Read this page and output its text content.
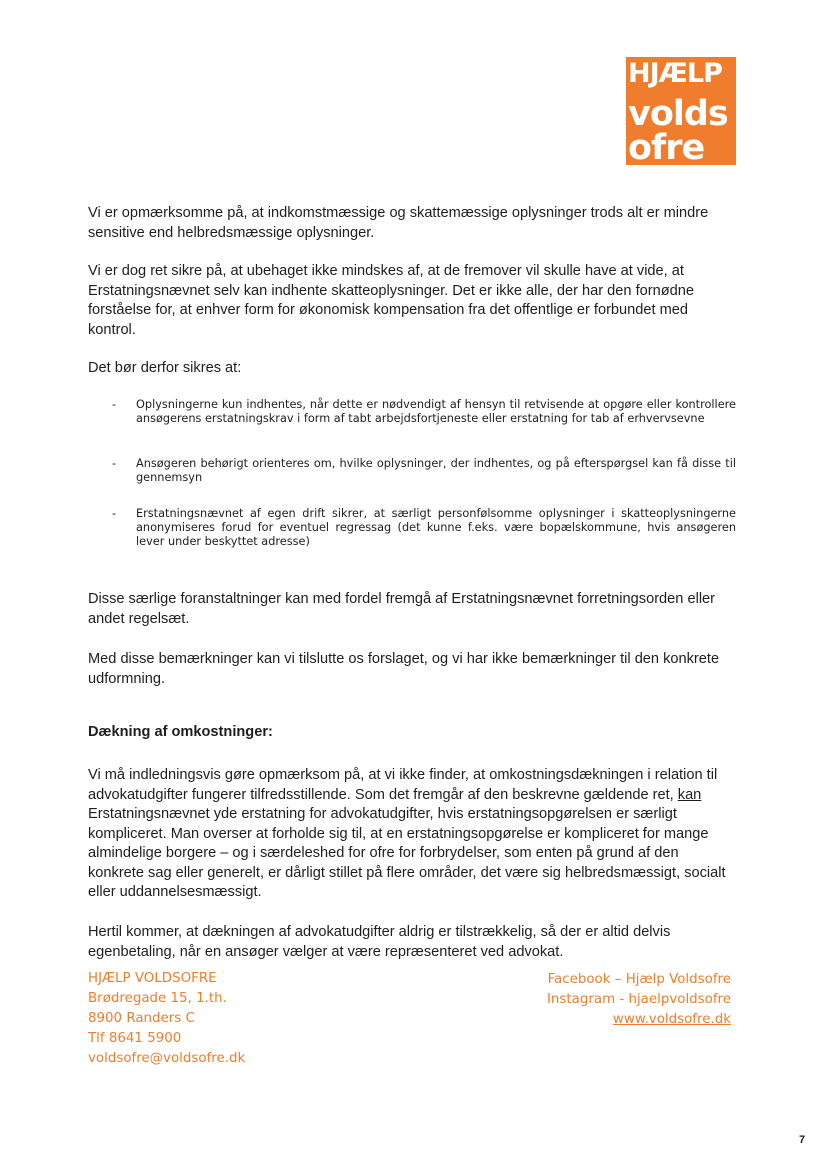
HJÆLP
volds
ofre

Vi er opmærksomme på, at indkomstmæssige og skattemæssige oplysninger trods alt er mindre sensitive end helbredsmæssige oplysninger.

Vi er dog ret sikre på, at ubehaget ikke mindskes af, at de fremover vil skulle have at vide, at Erstatningsnævnet selv kan indhente skatteoplysninger. Det er ikke alle, der har den fornødne forståelse for, at enhver form for økonomisk kompensation fra det offentlige er forbundet med kontrol.

Det bør derfor sikres at:

- Oplysningerne kun indhentes, når dette er nødvendigt af hensyn til retvisende at opgøre eller kontrollere ansøgerens erstatningskrav i form af tabt arbejdsfortjeneste eller erstatning for tab af erhvervsevne
- Ansøgeren behørigt orienteres om, hvilke oplysninger, der indhentes, og på efterspørgsel kan få disse til gennemsyn
- Erstatningsnævnet af egen drift sikrer, at særligt personfølsomme oplysninger i skatteoplysningerne anonymiseres forud for eventuel regressag (det kunne f.eks. være bopælskommune, hvis ansøgeren lever under beskyttet adresse)

Disse særlige foranstaltninger kan med fordel fremgå af Erstatningsnævnet forretningsorden eller andet regelsæt.

Med disse bemærkninger kan vi tilslutte os forslaget, og vi har ikke bemærkninger til den konkrete udformning.

Dækning af omkostninger:

Vi må indledningsvis gøre opmærksom på, at vi ikke finder, at omkostningsdækningen i relation til advokatudgifter fungerer tilfredsstillende. Som det fremgår af den beskrevne gældende ret, kan Erstatningsnævnet yde erstatning for advokatudgifter, hvis erstatningsopgørelsen er særligt kompliceret. Man overser at forholde sig til, at en erstatningsopgørelse er kompliceret for mange almindelige borgere – og i særdeleshed for ofre for forbrydelser, som enten på grund af den konkrete sag eller generelt, er dårligt stillet på flere områder, det være sig helbredsmæssigt, socialt eller uddannelsesmæssigt.

Hertil kommer, at dækningen af advokatudgifter aldrig er tilstrækkelig, så der er altid delvis egenbetaling, når en ansøger vælger at være repræsenteret ved advokat.

HJÆLP VOLDSOFRE
Brødregade 15, 1.th.
8900 Randers C
Tlf 8641 5900
voldsofre@voldsofre.dk
Facebook – Hjælp Voldsofre
Instagram - hjaelpvoldsofre
www.voldsofre.dk
7
